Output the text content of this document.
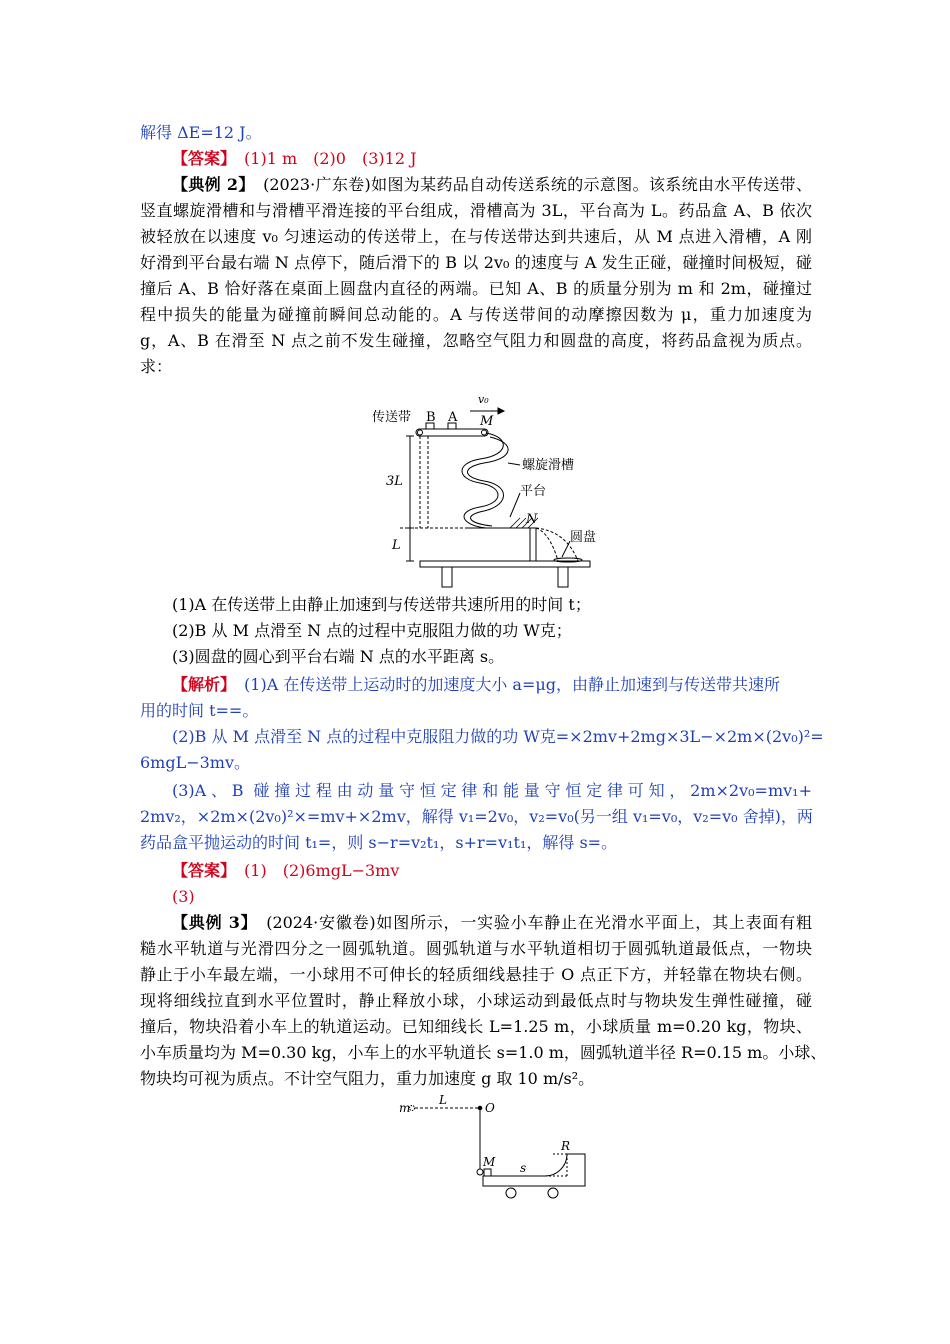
解得 ΔE=12 J。
【答案】　 (1)1 m　(2)0　(3)12 J
【典例 2】　 (2023·广东卷)如图为某药品自动传送系统的示意图。该系统由水平传送带、
竖直螺旋滑槽和与滑槽平滑连接的平台组成，滑槽高为 3L，平台高为 L。药品盒 A、B 依次
被轻放在以速度 v₀ 匀速运动的传送带上，在与传送带达到共速后，从 M 点进入滑槽，A 刚
好滑到平台最右端 N 点停下，随后滑下的 B 以 2v₀ 的速度与 A 发生正碰，碰撞时间极短，碰
撞后 A、B 恰好落在桌面上圆盘内直径的两端。已知 A、B 的质量分别为 m 和 2m，碰撞过
程中损失的能量为碰撞前瞬间总动能的。A 与传送带间的动摩擦因数为 μ，重力加速度为
g，A、B 在滑至 N 点之前不发生碰撞，忽略空气阻力和圆盘的高度，将药品盒视为质点。
求：
传送带 B A
v₀
M
螺旋滑槽
平台
N
圆盘
3L
L
(1)A 在传送带上由静止加速到与传送带共速所用的时间 t；
(2)B 从 M 点滑至 N 点的过程中克服阻力做的功 W克；
(3)圆盘的圆心到平台右端 N 点的水平距离 s。
【解析】　 (1)A 在传送带上运动时的加速度大小 a=μg，由静止加速到与传送带共速所
用的时间 t==。
(2)B 从 M 点滑至 N 点的过程中克服阻力做的功 W克=×2mv+2mg×3L−×2m×(2v₀)²=
6mgL−3mv。
(3)A、B 碰撞过程由动量守恒定律和能量守恒定律可知，2m×2v₀=mv₁+
2mv₂，×2m×(2v₀)²×=mv+×2mv，解得 v₁=2v₀，v₂=v₀(另一组 v₁=v₀，v₂=v₀ 舍掉)，两
药品盒平抛运动的时间 t₁=，则 s−r=v₂t₁，s+r=v₁t₁，解得 s=。
【答案】　 (1)　(2)6mgL−3mv
(3)
【典例 3】　 (2024·安徽卷)如图所示，一实验小车静止在光滑水平面上，其上表面有粗
糙水平轨道与光滑四分之一圆弧轨道。圆弧轨道与水平轨道相切于圆弧轨道最低点，一物块
静止于小车最左端，一小球用不可伸长的轻质细线悬挂于 O 点正下方，并轻靠在物块右侧。
现将细线拉直到水平位置时，静止释放小球，小球运动到最低点时与物块发生弹性碰撞，碰
撞后，物块沿着小车上的轨道运动。已知细线长 L=1.25 m，小球质量 m=0.20 kg，物块、
小车质量均为 M=0.30 kg，小车上的水平轨道长 s=1.0 m，圆弧轨道半径 R=0.15 m。小球、
物块均可视为质点。不计空气阻力，重力加速度 g 取 10 m/s²。
m
L
O
M s
R
